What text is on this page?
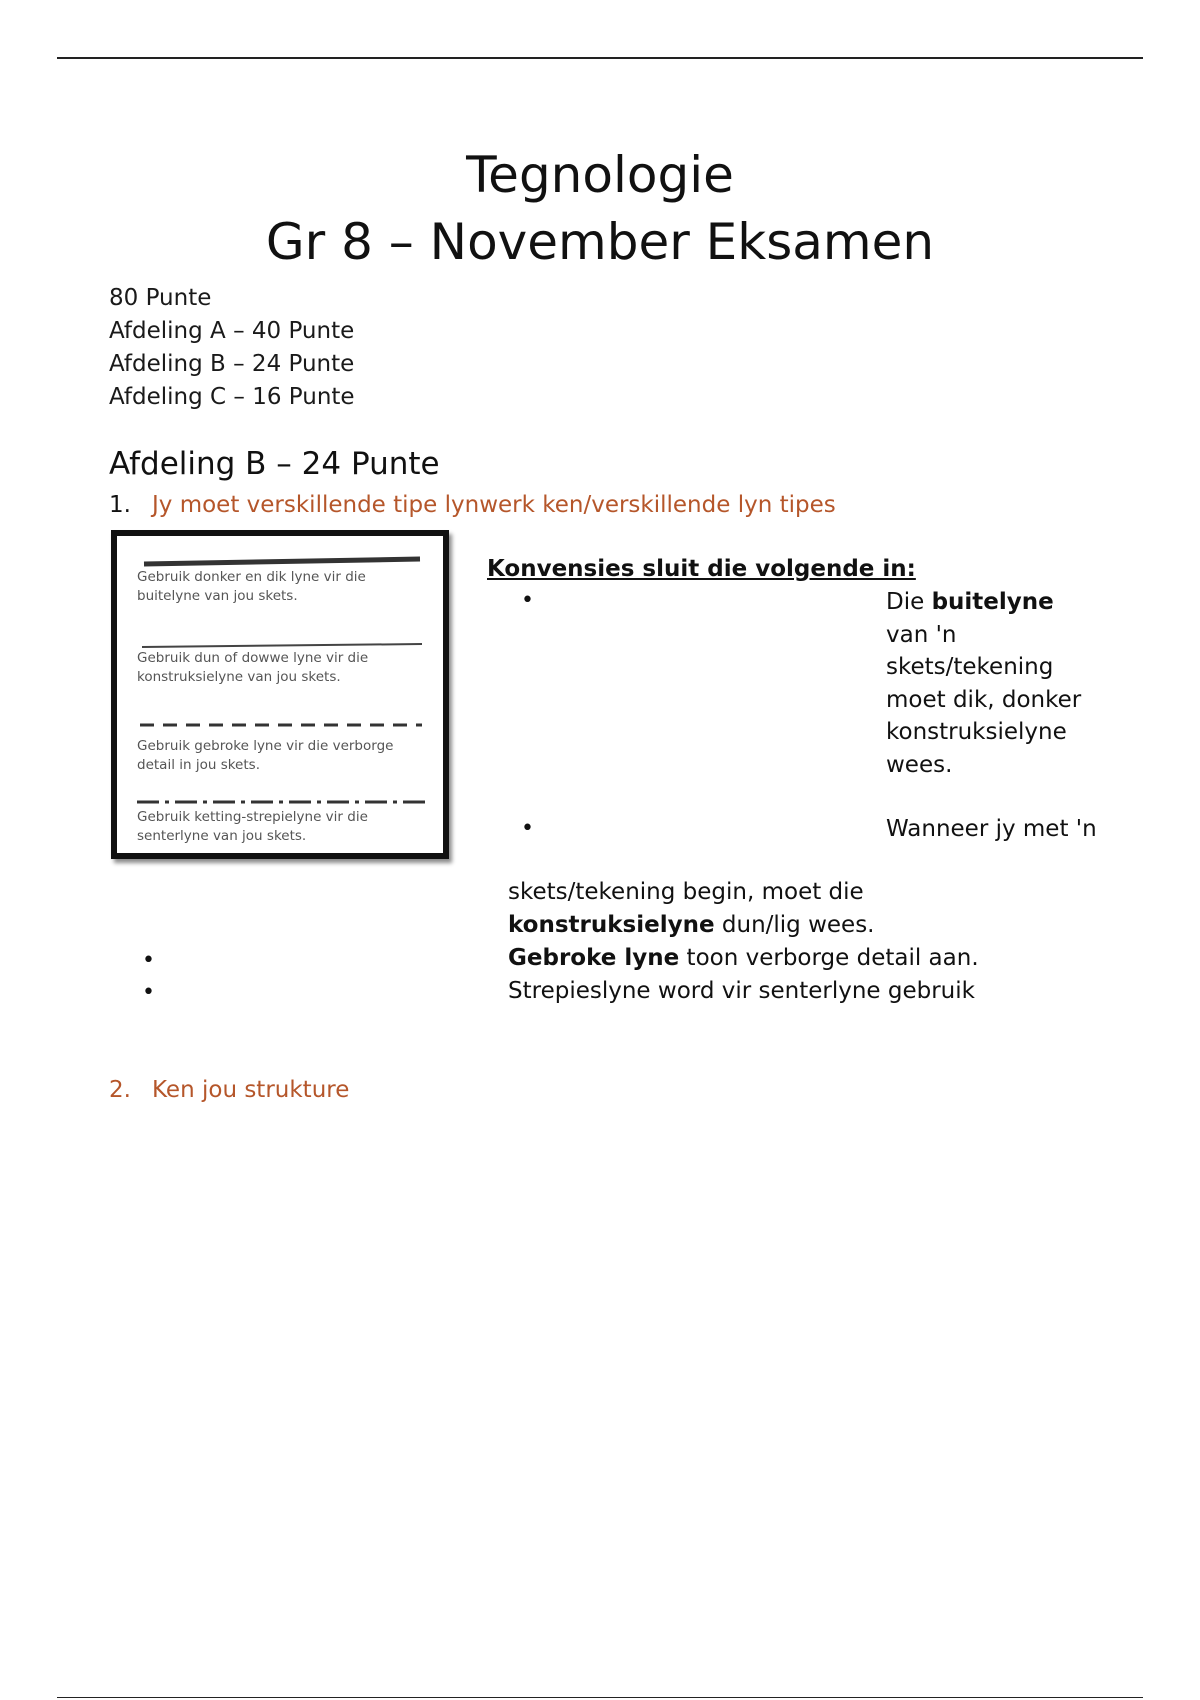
Tegnologie
Gr 8 – November Eksamen
80 Punte
Afdeling A – 40 Punte
Afdeling B – 24 Punte
Afdeling C – 16 Punte
Afdeling B – 24 Punte
1. Jy moet verskillende tipe lynwerk ken/verskillende lyn tipes
Gebruik donker en dik lyne vir die buitelyne van jou skets.
Gebruik dun of dowwe lyne vir die konstruksielyne van jou skets.
Gebruik gebroke lyne vir die verborge detail in jou skets.
Gebruik ketting-strepielyne vir die senterlyne van jou skets.
Konvensies sluit die volgende in:
•
•
•
•
Die buitelyne van 'n skets/tekening moet dik, donker konstruksielyne wees.
Wanneer jy met 'n
skets/tekening begin, moet die
konstruksielyne dun/lig wees.
Gebroke lyne toon verborge detail aan.
Strepieslyne word vir senterlyne gebruik
2. Ken jou strukture
